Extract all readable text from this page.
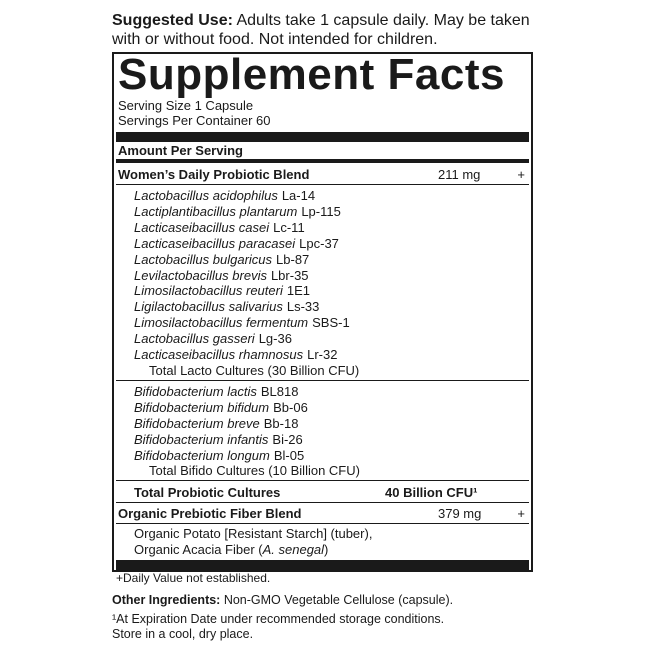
Suggested Use: Adults take 1 capsule daily. May be taken with or without food. Not intended for children.
Supplement Facts
Serving Size 1 Capsule
Servings Per Container 60
Amount Per Serving
Women’s Daily Probiotic Blend	211 mg	+
Lactobacillus acidophilus La-14
Lactiplantibacillus plantarum Lp-115
Lacticaseibacillus casei Lc-11
Lacticaseibacillus paracasei Lpc-37
Lactobacillus bulgaricus Lb-87
Levilactobacillus brevis Lbr-35
Limosilactobacillus reuteri 1E1
Ligilactobacillus salivarius Ls-33
Limosilactobacillus fermentum SBS-1
Lactobacillus gasseri Lg-36
Lacticaseibacillus rhamnosus Lr-32
Total Lacto Cultures (30 Billion CFU)
Bifidobacterium lactis BL818
Bifidobacterium bifidum Bb-06
Bifidobacterium breve Bb-18
Bifidobacterium infantis Bi-26
Bifidobacterium longum Bl-05
Total Bifido Cultures (10 Billion CFU)
Total Probiotic Cultures	40 Billion CFU¹
Organic Prebiotic Fiber Blend	379 mg	+
Organic Potato [Resistant Starch] (tuber),
Organic Acacia Fiber (A. senegal)
+Daily Value not established.
Other Ingredients: Non-GMO Vegetable Cellulose (capsule).
¹At Expiration Date under recommended storage conditions.
Store in a cool, dry place.
